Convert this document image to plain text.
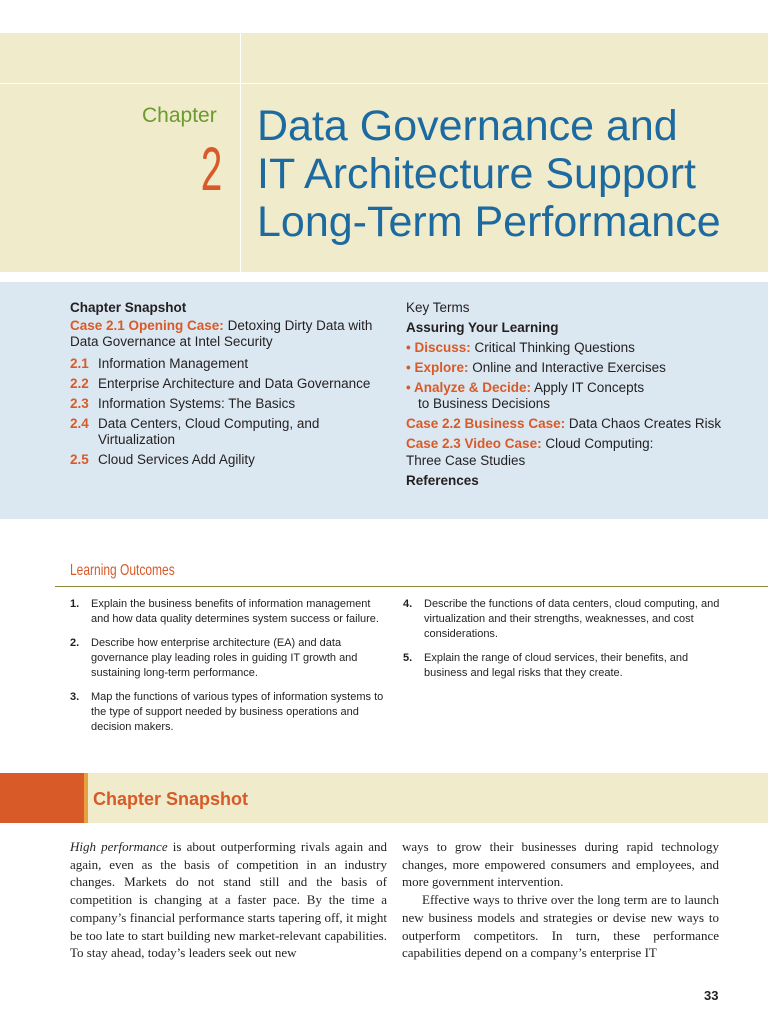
Chapter
2
Data Governance and
IT Architecture Support
Long-Term Performance
Chapter Snapshot
Case 2.1 Opening Case: Detoxing Dirty Data with Data Governance at Intel Security
2.1 Information Management
2.2 Enterprise Architecture and Data Governance
2.3 Information Systems: The Basics
2.4 Data Centers, Cloud Computing, and Virtualization
2.5 Cloud Services Add Agility
Key Terms
Assuring Your Learning
• Discuss: Critical Thinking Questions
• Explore: Online and Interactive Exercises
• Analyze & Decide: Apply IT Concepts
to Business Decisions
Case 2.2 Business Case: Data Chaos Creates Risk
Case 2.3 Video Case: Cloud Computing:
Three Case Studies
References
Learning Outcomes
1.	Explain the business benefits of information management and how data quality determines system success or failure.
2.	Describe how enterprise architecture (EA) and data governance play leading roles in guiding IT growth and sustaining long-term performance.
3.	Map the functions of various types of information systems to the type of support needed by business operations and decision makers.
4.	Describe the functions of data centers, cloud computing, and virtualization and their strengths, weaknesses, and cost considerations.
5.	Explain the range of cloud services, their benefits, and business and legal risks that they create.
Chapter Snapshot

High performance is about outperforming rivals again and again, even as the basis of competition in an industry changes. Markets do not stand still and the basis of competition is changing at a faster pace. By the time a company’s financial performance starts tapering off, it might be too late to start building new market-relevant capabilities. To stay ahead, today’s leaders seek out new

ways to grow their businesses during rapid technology changes, more empowered consumers and employees, and more government intervention.

Effective ways to thrive over the long term are to launch new business models and strategies or devise new ways to outperform competitors. In turn, these performance capabilities depend on a company’s enterprise IT

33
